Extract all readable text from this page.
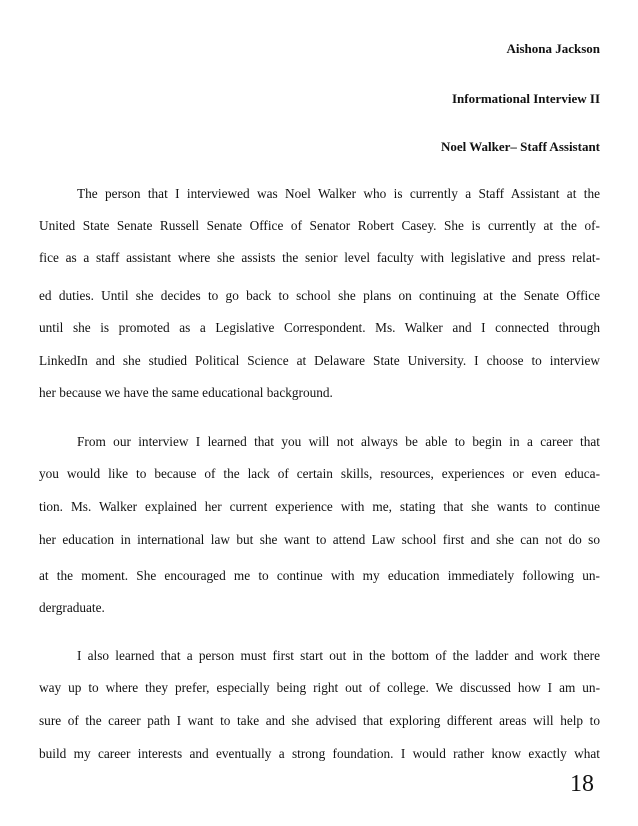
Aishona Jackson
Informational Interview II
Noel Walker– Staff Assistant
The person that I interviewed was Noel Walker who is currently a Staff Assistant at the
United State Senate Russell Senate Office of Senator Robert Casey. She is currently at the of-
fice as a staff assistant where she assists the senior level faculty with legislative and press relat-
ed duties. Until she decides to go back to school she plans on continuing at the Senate Office
until she is promoted as a Legislative Correspondent. Ms. Walker and I connected through
LinkedIn and she studied Political Science at Delaware State University. I choose to interview
her because we have the same educational background.
From our interview I learned that you will not always be able to begin in a career that
you would like to because of the lack of certain skills, resources, experiences or even educa-
tion. Ms. Walker explained her current experience with me, stating that she wants to continue
her education in international law but she want to attend Law school first and she can not do so
at the moment. She encouraged me to continue with my education immediately following un-
dergraduate.
I also learned that a person must first start out in the bottom of the ladder and work there
way up to where they prefer, especially being right out of college. We discussed how I am un-
sure of the career path I want to take and she advised that exploring different areas will help to
build my career interests and eventually a strong foundation. I would rather know exactly what
18
